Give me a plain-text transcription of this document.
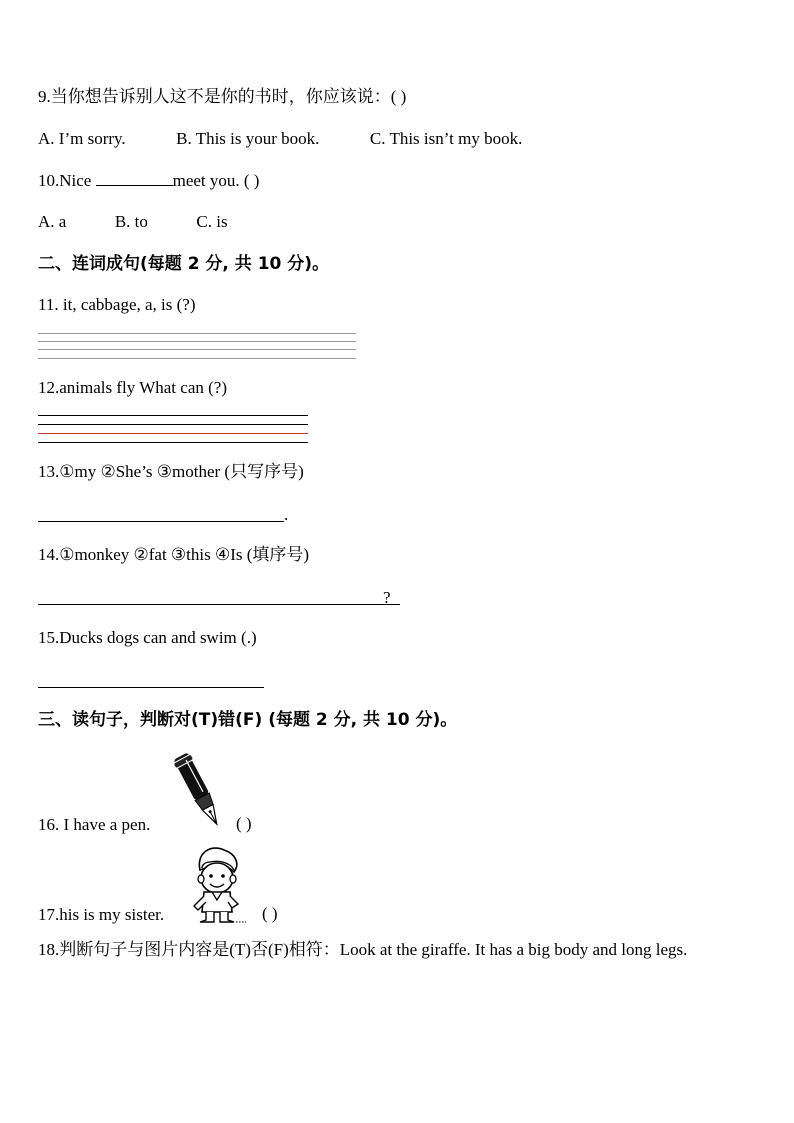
9.当你想告诉别人这不是你的书时，你应该说：( )
A. I’m sorry.	B. This is your book.	C. This isn’t my book.
10.Nice	meet you. ( )
A. a	B. to	C. is
二、连词成句(每题 2 分, 共 10 分)。
11. it, cabbage, a, is (?)
12.animals fly What can (?)
13.①my ②She’s ③mother (只写序号)
.
14.①monkey ②fat ③this ④Is (填序号)
?
15.Ducks dogs can and swim (.)
三、读句子，判断对(T)错(F) (每题 2 分, 共 10 分)。
16. I have a pen.	( )
17.his is my sister.	( )
18.判断句子与图片内容是(T)否(F)相符：Look at the giraffe. It has a big body and long legs.
